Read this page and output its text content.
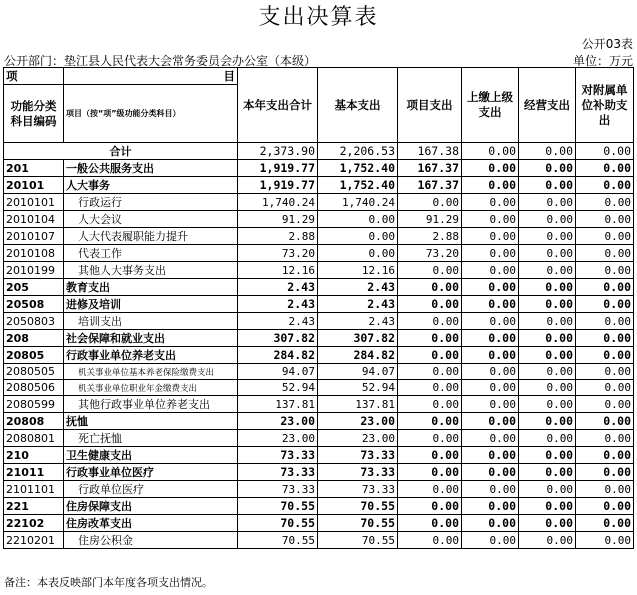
支出决算表
公开03表
公开部门：垫江县人民代表大会常务委员会办公室（本级）	单位：万元
项	目	本年支出合计	基本支出	项目支出	上缴上级支出	经营支出	对附属单位补助支出
功能分类科目编码	项目（按“项”级功能分类科目）						
合计		2,373.90	2,206.53	167.38	0.00	0.00	0.00
201	一般公共服务支出	1,919.77	1,752.40	167.37	0.00	0.00	0.00
20101	人大事务	1,919.77	1,752.40	167.37	0.00	0.00	0.00
2010101	行政运行	1,740.24	1,740.24	0.00	0.00	0.00	0.00
2010104	人大会议	91.29	0.00	91.29	0.00	0.00	0.00
2010107	人大代表履职能力提升	2.88	0.00	2.88	0.00	0.00	0.00
2010108	代表工作	73.20	0.00	73.20	0.00	0.00	0.00
2010199	其他人大事务支出	12.16	12.16	0.00	0.00	0.00	0.00
205	教育支出	2.43	2.43	0.00	0.00	0.00	0.00
20508	进修及培训	2.43	2.43	0.00	0.00	0.00	0.00
2050803	培训支出	2.43	2.43	0.00	0.00	0.00	0.00
208	社会保障和就业支出	307.82	307.82	0.00	0.00	0.00	0.00
20805	行政事业单位养老支出	284.82	284.82	0.00	0.00	0.00	0.00
2080505	机关事业单位基本养老保险缴费支出	94.07	94.07	0.00	0.00	0.00	0.00
2080506	机关事业单位职业年金缴费支出	52.94	52.94	0.00	0.00	0.00	0.00
2080599	其他行政事业单位养老支出	137.81	137.81	0.00	0.00	0.00	0.00
20808	抚恤	23.00	23.00	0.00	0.00	0.00	0.00
2080801	死亡抚恤	23.00	23.00	0.00	0.00	0.00	0.00
210	卫生健康支出	73.33	73.33	0.00	0.00	0.00	0.00
21011	行政事业单位医疗	73.33	73.33	0.00	0.00	0.00	0.00
2101101	行政单位医疗	73.33	73.33	0.00	0.00	0.00	0.00
221	住房保障支出	70.55	70.55	0.00	0.00	0.00	0.00
22102	住房改革支出	70.55	70.55	0.00	0.00	0.00	0.00
2210201	住房公积金	70.55	70.55	0.00	0.00	0.00	0.00
备注：本表反映部门本年度各项支出情况。
